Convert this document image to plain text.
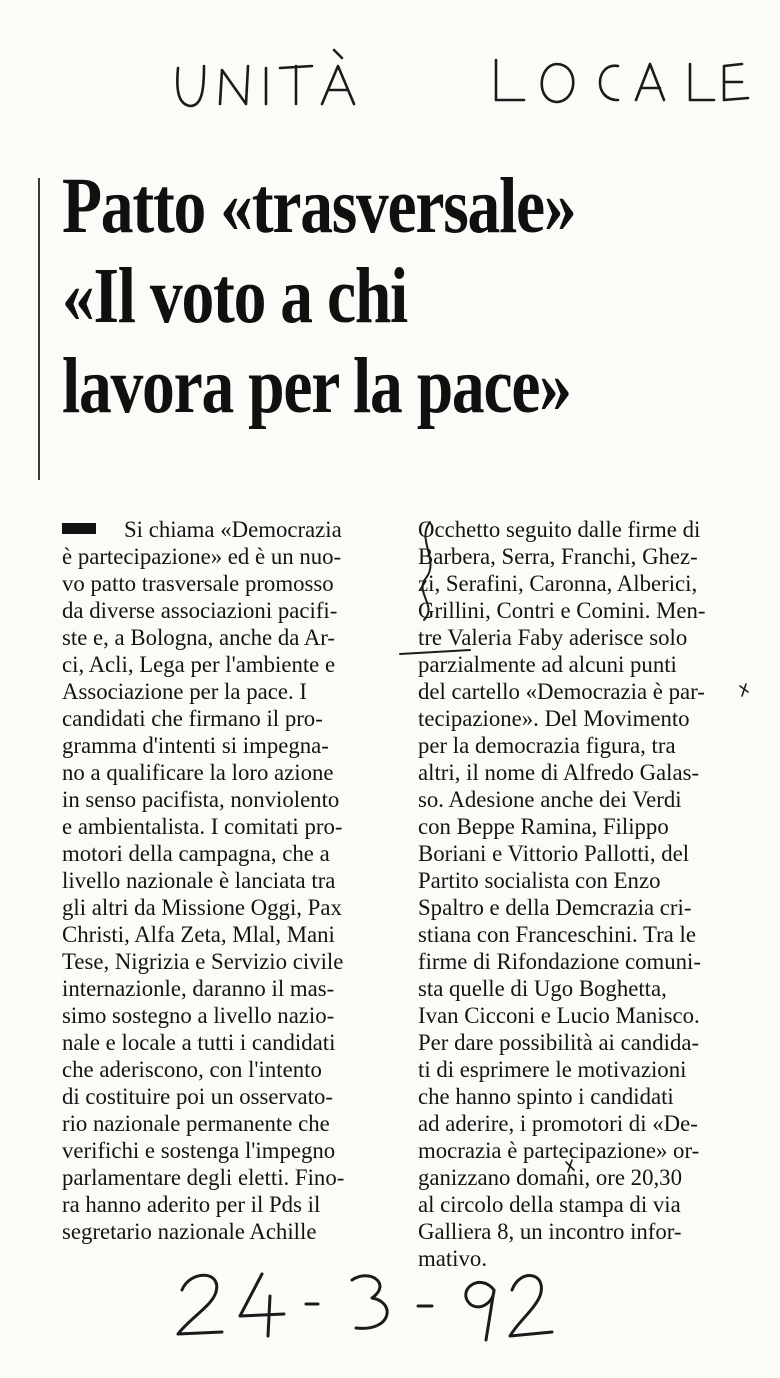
Patto «trasversale»
«Il voto a chi
lavora per la pace»
Si chiama «Democrazia
è partecipazione» ed è un nuo-
vo patto trasversale promosso
da diverse associazioni pacifi-
ste e, a Bologna, anche da Ar-
ci, Acli, Lega per l'ambiente e
Associazione per la pace. I
candidati che firmano il pro-
gramma d'intenti si impegna-
no a qualificare la loro azione
in senso pacifista, nonviolento
e ambientalista. I comitati pro-
motori della campagna, che a
livello nazionale è lanciata tra
gli altri da Missione Oggi, Pax
Christi, Alfa Zeta, Mlal, Mani
Tese, Nigrizia e Servizio civile
internazionle, daranno il mas-
simo sostegno a livello nazio-
nale e locale a tutti i candidati
che aderiscono, con l'intento
di costituire poi un osservato-
rio nazionale permanente che
verifichi e sostenga l'impegno
parlamentare degli eletti. Fino-
ra hanno aderito per il Pds il
segretario nazionale Achille
Occhetto seguito dalle firme di
Barbera, Serra, Franchi, Ghez-
zi, Serafini, Caronna, Alberici,
Grillini, Contri e Comini. Men-
tre Valeria Faby aderisce solo
parzialmente ad alcuni punti
del cartello «Democrazia è par-
tecipazione». Del Movimento
per la democrazia figura, tra
altri, il nome di Alfredo Galas-
so. Adesione anche dei Verdi
con Beppe Ramina, Filippo
Boriani e Vittorio Pallotti, del
Partito socialista con Enzo
Spaltro e della Demcrazia cri-
stiana con Franceschini. Tra le
firme di Rifondazione comuni-
sta quelle di Ugo Boghetta,
Ivan Cicconi e Lucio Manisco.
Per dare possibilità ai candida-
ti di esprimere le motivazioni
che hanno spinto i candidati
ad aderire, i promotori di «De-
mocrazia è partecipazione» or-
ganizzano domani, ore 20,30
al circolo della stampa di via
Galliera 8, un incontro infor-
mativo.
